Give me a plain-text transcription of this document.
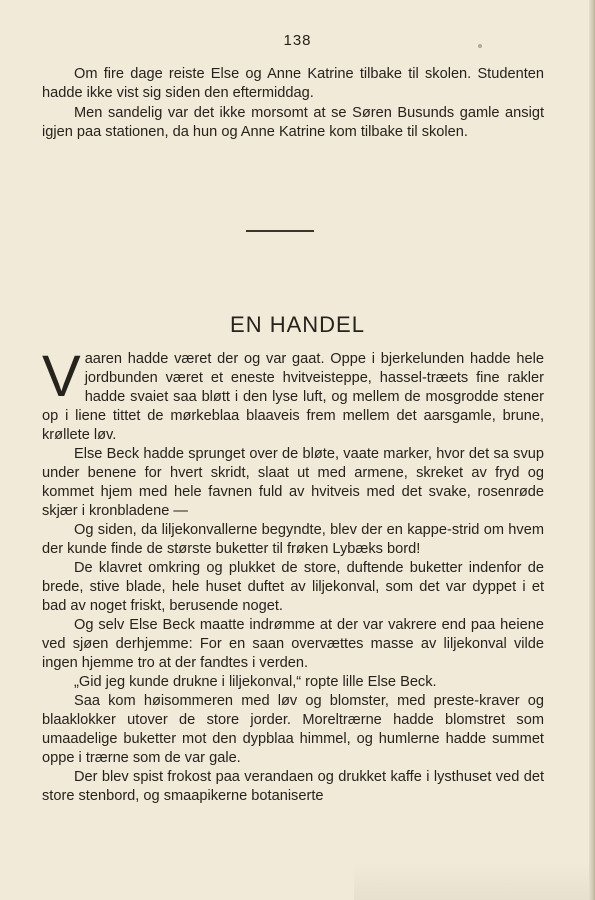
138

Om fire dage reiste Else og Anne Katrine tilbake til skolen. Studenten hadde ikke vist sig siden den eftermiddag.

Men sandelig var det ikke morsomt at se Søren Busunds gamle ansigt igjen paa stationen, da hun og Anne Katrine kom tilbake til skolen.

EN HANDEL

Vaaren hadde været der og var gaat. Oppe i bjerkelunden hadde hele jordbunden været et eneste hvitveisteppe, hassel-træets fine rakler hadde svaiet saa bløtt i den lyse luft, og mellem de mosgrodde stener op i liene tittet de mørkeblaa blaaveis frem mellem det aarsgamle, brune, krøllete løv.

Else Beck hadde sprunget over de bløte, vaate marker, hvor det sa svup under benene for hvert skridt, slaat ut med armene, skreket av fryd og kommet hjem med hele favnen fuld av hvitveis med det svake, rosenrøde skjær i kronbladene —

Og siden, da liljekonvallerne begyndte, blev der en kappe-strid om hvem der kunde finde de største buketter til frøken Lybæks bord!

De klavret omkring og plukket de store, duftende buketter indenfor de brede, stive blade, hele huset duftet av liljekonval, som det var dyppet i et bad av noget friskt, berusende noget.

Og selv Else Beck maatte indrømme at der var vakrere end paa heiene ved sjøen derhjemme: For en saan overvættes masse av liljekonval vilde ingen hjemme tro at der fandtes i verden.

„Gid jeg kunde drukne i liljekonval,“ ropte lille Else Beck.

Saa kom høisommeren med løv og blomster, med preste-kraver og blaaklokker utover de store jorder. Moreltrærne hadde blomstret som umaadelige buketter mot den dypblaa himmel, og humlerne hadde summet oppe i trærne som de var gale.

Der blev spist frokost paa verandaen og drukket kaffe i lysthuset ved det store stenbord, og smaapikerne botaniserte
